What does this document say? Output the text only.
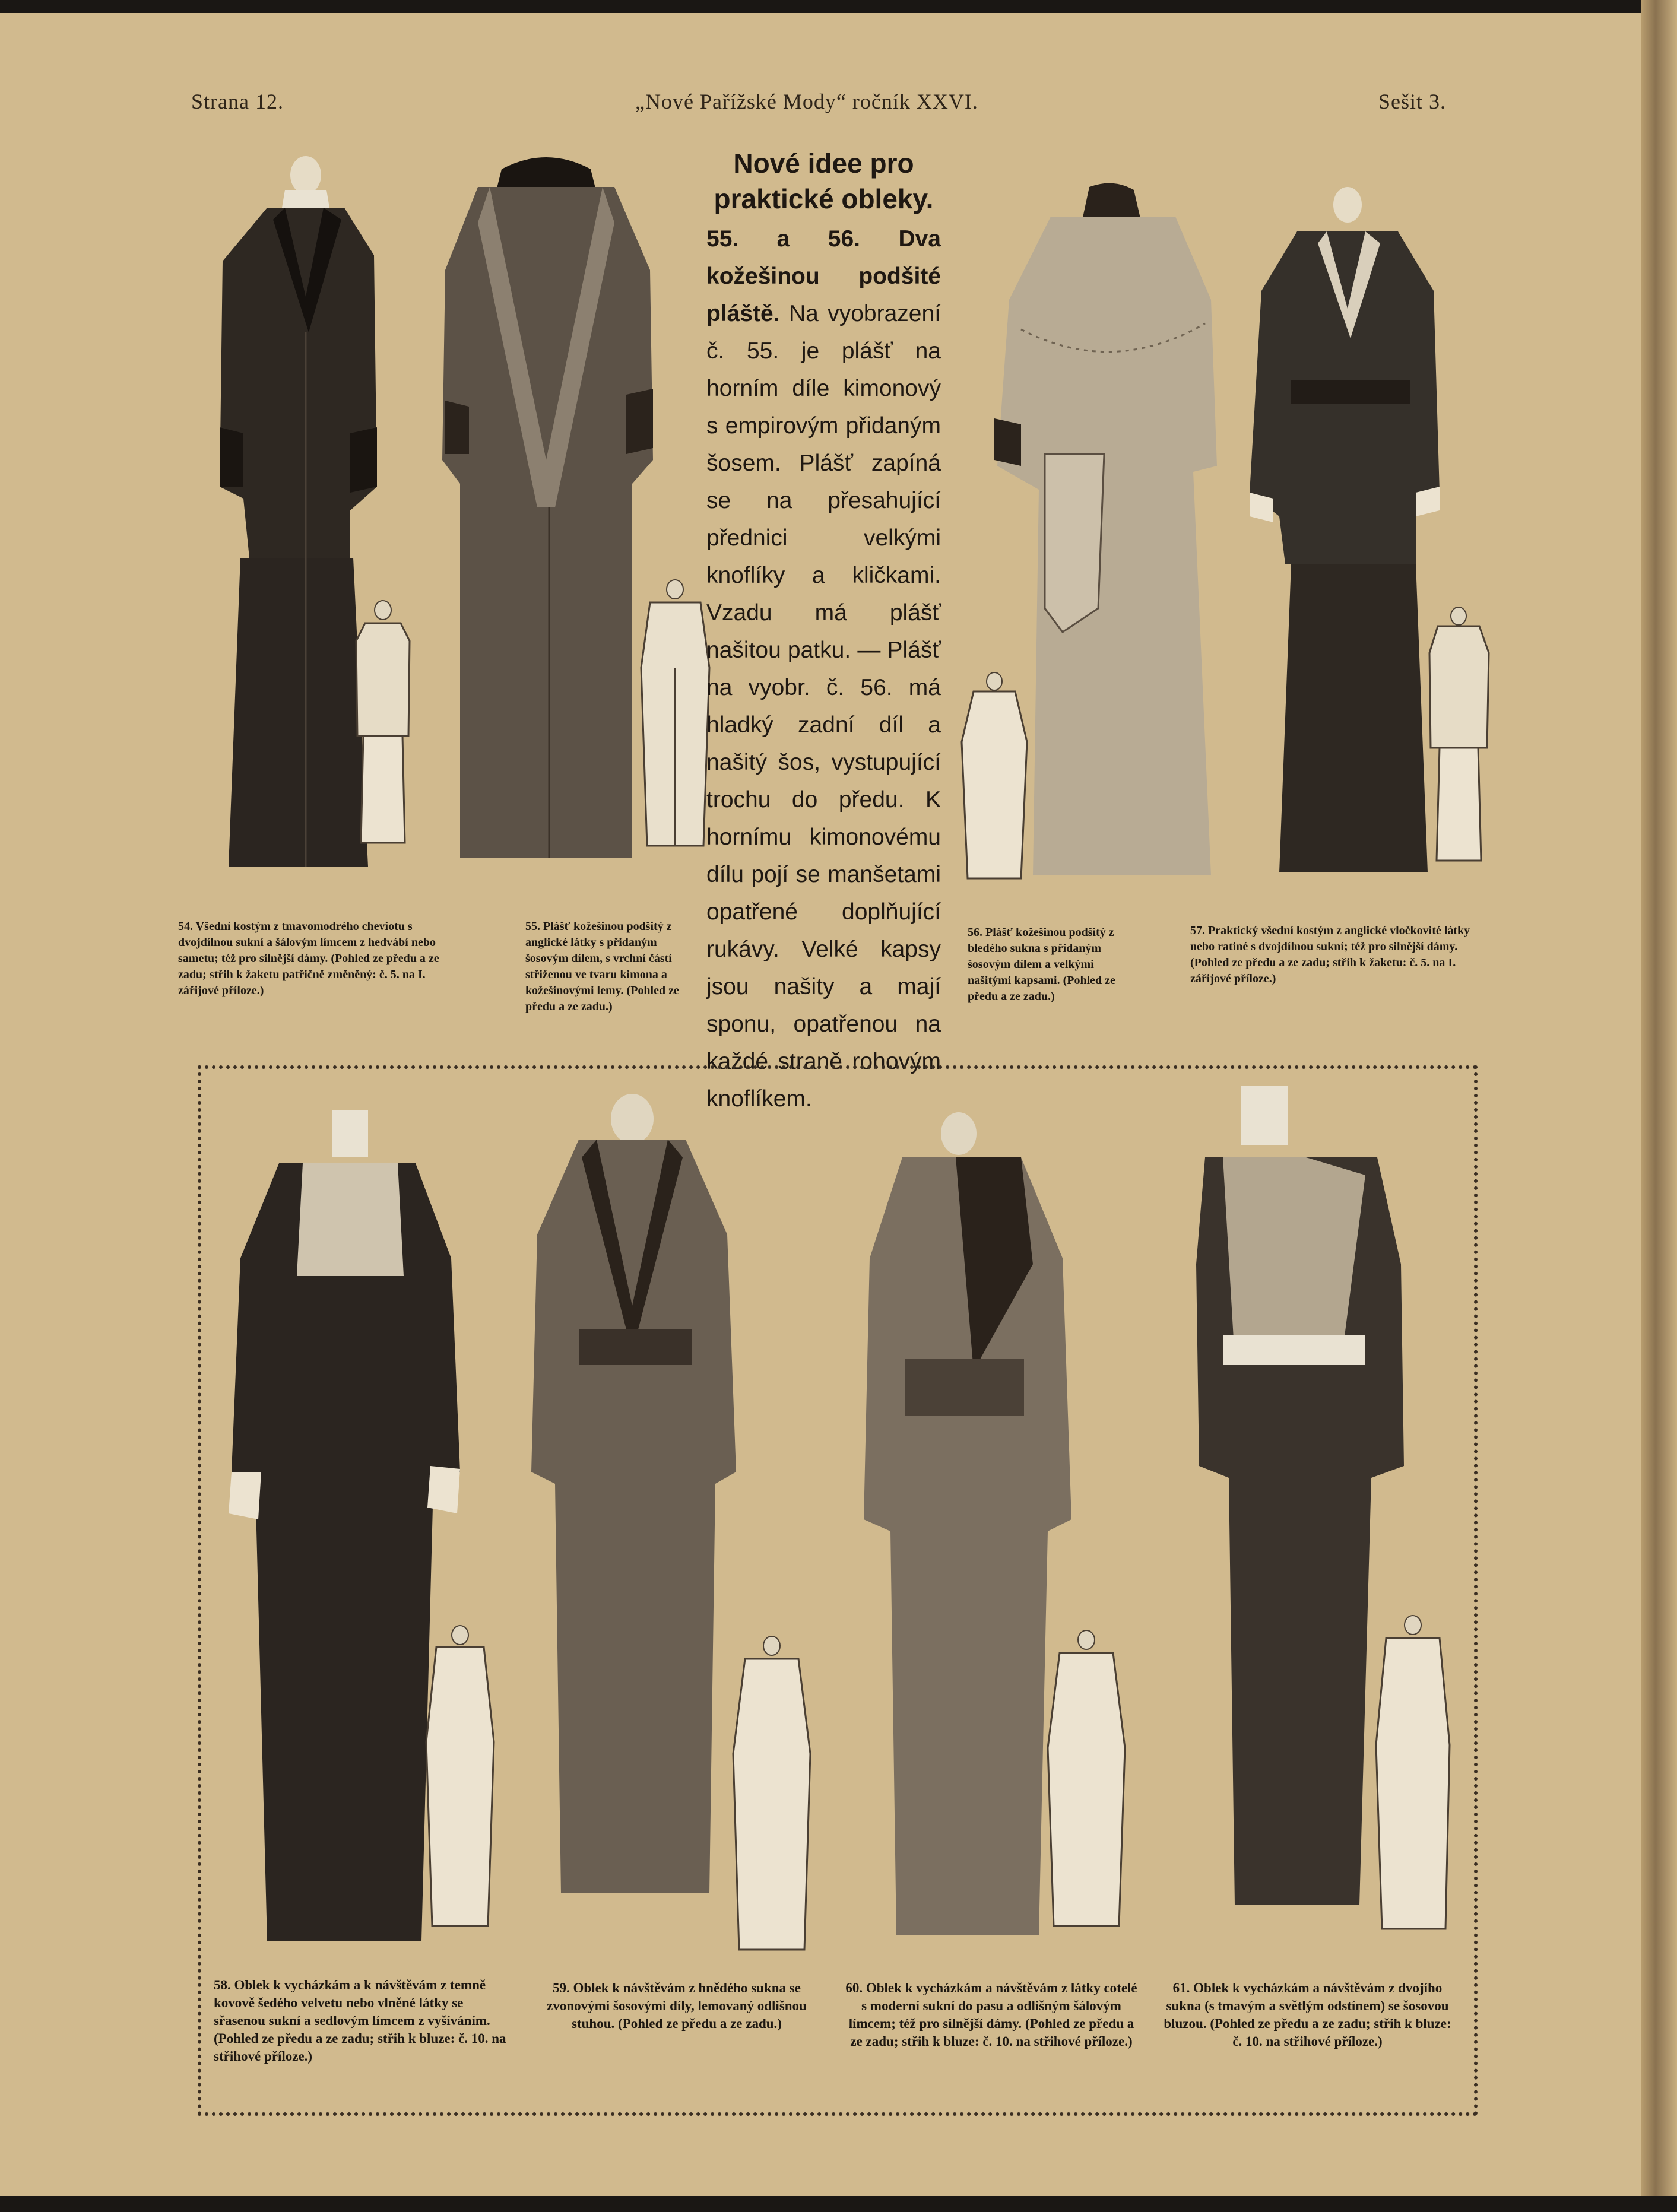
Strana 12.	„Nové Pařížské Mody“ ročník XXVI.	Sešit 3.
54. Všední kostým z tmavomodrého cheviotu s dvojdílnou sukní a šálovým límcem z hedvábí nebo sametu; též pro silnější dámy. (Pohled ze předu a ze zadu; střih k žaketu patřičně změněný: č. 5. na I. zářijové příloze.)
55. Plášť kožešinou podšitý z anglické látky s přidaným šosovým dílem, s vrchní částí střiženou ve tvaru kimona a kožešinovými lemy. (Pohled ze předu a ze zadu.)
Nové idee pro praktické obleky.

55. a 56. Dva kožešinou podšité pláště. Na vyobrazení č. 55. je plášť na horním díle kimonový s empirovým přidaným šosem. Plášť zapíná se na přesahující přednici velkými knoflíky a kličkami. Vzadu má plášť našitou patku. — Plášť na vyobr. č. 56. má hladký zadní díl a našitý šos, vystupující trochu do předu. K hornímu kimonovému dílu pojí se manšetami opatřené doplňující rukávy. Velké kapsy jsou našity a mají sponu, opatřenou na každé straně rohovým knoflíkem.

56. Plášť kožešinou podšitý z bledého sukna s přidaným šosovým dílem a velkými našitými kapsami. (Pohled ze předu a ze zadu.)
57. Praktický všední kostým z anglické vločkovité látky nebo ratiné s dvojdílnou sukní; též pro silnější dámy. (Pohled ze předu a ze zadu; střih k žaketu: č. 5. na I. zářijové příloze.)
58. Oblek k vycházkám a k návštěvám z temně kovově šedého velvetu nebo vlněné látky se sřasenou sukní a sedlovým límcem z vyšíváním. (Pohled ze předu a ze zadu; střih k bluze: č. 10. na střihové příloze.)
59. Oblek k návštěvám z hnědého sukna se zvonovými šosovými díly, lemovaný odlišnou stuhou. (Pohled ze předu a ze zadu.)
60. Oblek k vycházkám a návštěvám z látky cotelé s moderní sukní do pasu a odlišným šálovým límcem; též pro silnější dámy. (Pohled ze předu a ze zadu; střih k bluze: č. 10. na střihové příloze.)
61. Oblek k vycházkám a návštěvám z dvojího sukna (s tmavým a světlým odstínem) se šosovou bluzou. (Pohled ze předu a ze zadu; střih k bluze: č. 10. na střihové příloze.)
